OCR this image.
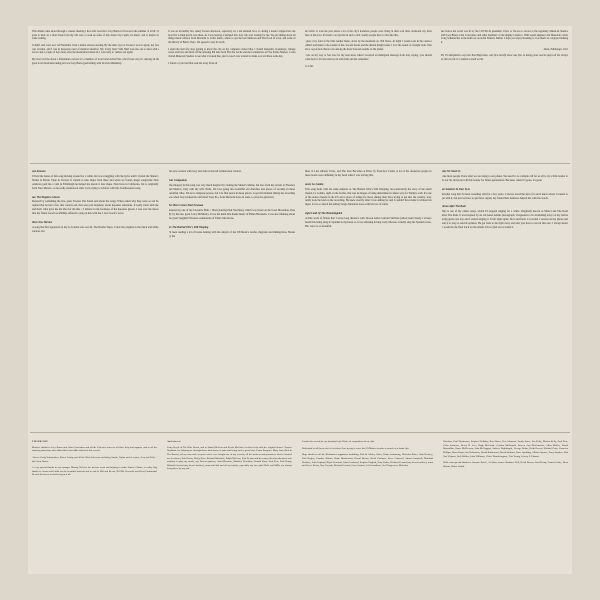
This album came about through a cleaner meeting I had with Cuervito's Joey Burns in Tucson in the summer of 2019. I'd gone to their on a short break from my UK tour, to soak up some of this desert city's spirit, its music, and to maybe do some writing.

It didn't start well. As I left Nashville I had a dental abscess starting. By the time I got to Tucson I was in agony, my face was swollen, and I was in desperate need of medical attention. My lovely hosts Vida Mud took me out to meet with a doctor and a couple of days later, after the medication kicked in, I was ready to venture out again.

My host told me about a Palestinian concert for a member of local band ArIstoVida, who'd been very ill. Among all the great local musicians taking part was Joey Burns (performing with Octavia Mudskiss).

It was an incredibly hot, sunny Tucson afternoon, especially for a fair skinned Scot, so during a break I slipped into the hotel for a drink just in case there. As I was leaving, I bumped into Joey who was looking for me. We got talking about all things music related, from Mariachi to Celtic music, where to get the best Mexican and Thai food in town, and some of the history of Barrio Viejo. We agreed to stay in touch.

I spent the next few days getting to know the city on my computer cruiser bike. I visited museums, bookshops, vintage stores and bars and fired off the amazing 8th tune from Five De Leche and the bookshelves at Five Points Market. I even visited MuseLab Studios to see what it looked like, just in case I ever wanted to make a record there some day.

I found a cycle trail that took me away from all

the traffic. It took me past where a lot of the city's homeless people were living in their own little cardboard city back there at the river. It's hard to accept that in such a rich country people have to live like this.

I grew very fond of my little leather home, down by the mountain on 13th Street. At night I would soak in the outdoor bathtub and listen to the sounds of the cars and trucks and the distant freight trains. I love the sound of a freight train. That and a coyote howl have to be among the most Sonoran sounds on the planet.

I was on my way to San Jose for my next show when I received an immigrant message from Joey saying, 'you should come back to Tucson and record with John and me sometime'.

So I did.

late before the world was lit by the COVID-19 pandemic I flew to Tucson to record at the legendary MuseLab Studios with Joey Burns, John Convertino and other members of the mighty Calexico. With sound engineer and MuseLab owner Craig Schumacher at the helm we recorded Sinner's Shrine. I hope you enjoy listening to it as much as I enjoyed making it.

Dean, Edinburgh, 2021

PS. I'm delighted to say that Tom Hagerman, who flew benefit show was fine. Is doing great, and he plays all the strings on this record. It is indeed a small world.

one Arizona
I'd had the bones of this song kicking around for a while, but was struggling with the lyrics until I visited the Sinner's Shrine in Barrio Viejo in Tucson. It started to take shape from there and when we found, singer songwriter Nels Andrews paid me a visit in Edinburgh he helped me knock it into shape. Nels lives in California, but is originally from New Mexico, so he really understood what I was trying to achieve with this Southwestern song.
two The Hopeless Ghosts
Inspired by something the late, great Townes Van Zandt said about his songs. When asked why they were so sad he replied that he had a few that weren't sad, that were just hopeless; about hopeless situations. It really stuck with me and that's what gave me the idea for the line ~ I believe in the footsteps of the hopeless ghosts. I was over the moon that my friend Good Lee Phillips offered to sing on this with me. I love Good's voice.
three New Mexico
A song that first appeared on my lo-fi debut solo record, The Drama Tapes. I view the original as the black and white version, but
this new version with Joey and John is the full technicolour version.
four Companion
The imagery in this song was very much inspired by visiting the Sinner's Shrine, but also from my travels to Florence and Mexico, Italy with my wife Nicki. We love going into beautiful old churches and places of worship in these beautiful cities. I'm not a religious person, but I do find peace in these places. A special moment during the recording was when Joey invited his old friend Tony Pro, from Mariachi Luis de Luna, to play the guitarron.
five Here Comes Paul Newman
Inspired by one of my favourite films ~ Hud (starring Paul Newman), which was based on the book Horseman, Pass By by the late, great Larry McMurtry. I love the main title theme music of Elmer Bernstein. I was also thinking about the great Spaghetti Western soundtracks of Ennio Morricone.
six The Barbed Wire's Still Weeping
I'd been reading a lot of books dealing with the subject of the US/Mexico border, migrants and immigration. Books by the
likes of Luis Alberto Urrea, and The Line Becomes A River by Francisco Cantú. A lot of the desperate people in these books were definitely in my head when I was writing this.
seven La Lomita
This song deals with the same subjects as The Barbed Wire's Still Weeping, but particularly the story of the small chapel, La Lomita, right on the border, that was in danger of being demolished to make way for Trump's wall. It's one of the oldest chapels in the US and a place of refuge for those risking their lives trying to get into the country. Joey really took the lead on the recording. He knew exactly what I was aiming for and I couldn't have made it without his input. It was so much fun letting Sergio Mendoza loose with his box of tricks.
eight Land Of The Hummingbird
A little work of fiction that I wrote long distance with Tucson native Gabriel Sullivan (AKA Giant Sand). I always heard this being sung in Spanish in my head, so it was amazing having Gaby Moreno actually sing the Spanish verse. Her voice is so beautiful.
nine We Need Us
Like most people I hate what we are doing to our planet. We need Us is a simple call for us all to try a little harder to do our bit and protect all this beauty for future generations. Because, when it's gone, it's gone.
ten Summer In Your Eyes
Another song that I'd been wrestling with for a few years. I always loved the feel of it and I knew where I wanted to get with it, but just not how to get there. Again, my friend Nels Andrews helped me with the words.
eleven After The Rain
This is one of my oldest songs, which I'd stopped singing for a while. Originally known as Shine Like The Road After The Rain, it was inspired by an old Ansel Adams photograph. I happened to be strumming away on my before string guitar one day and I started singing it. It felt right again. Now and fresh. I recorded a version on my phone and sent it to Joey to ask his opinion. He got back to me right away and said 'you have to record this one'. I always knew it would be the final track on the album. I'm so glad we recorded it.
THANK YOU

Massive thanks to Joey Burns and John Convertino and all the Calexico team for all their help and support, and to all the amazing musicians who added their incredible talents to this record.

Also to Craig Schumacher, Karen Lustig and all the WaveLab team including Austin, Dylan and of course, Lou and Lilly ~ the Great Danes.

A very special thanks to my manager Maraig Neil for her tireless work and helping to make Sinner's Shrine a reality. Big thanks to Anson and Laiba for the beautiful artwork and to and to Phil and Kevin (Tell Me Records) and Bert (Continental Record Services) for believing in it all.

And also to

Garry Boyle at The Blue Room, and to Stuart McLean and Kevin McGuire for their help with the original demos. Tarssen Stephanie for helping me through those dark hours of pain and being such a great host, Laura Bergerto, Mary Sam (Red In The Barrio), all my fans and everyone who's ever bought one of my records, all the bookers and promoters who've booked me for shows, Bob Harris, Ricky Ross, Richard Murdoch, Ralph McLean, Paul Sexton and the many other broadcasters who continue to play my music, my Patreon patrons, Alan Morrison, Matthew Dewhirst, Donald Shaw, Paul Kerr, Paul Kemp, Richard Gerrard (my desert brother), mum and dad and all my family, especially my two girls Nicki and Millie for always being there by my side.

I made this record for my beautiful wife Nicki, mi compañera de mi vida.

Dedicated to all those who've lost their lives trying to cross the US/Mexico border in search of a better life.

Huge thanks to all the Kickstarter supporters including: Paul & Ashley Aiken, Brian Armstrong, Nicholas Baker, John Beazley, Paul Begley, Candice Bolton, Brian Brinkerhoff, David Brown, Keith Cachoux, Steve Cantwell, Stuart Campbell, Marshall Chaifetz, John Copland, Blyth Cranford, John Crofthead, Stephen English, Tony Fisher, Richard Gerrard (my desert brother), mum and Sweet Evans, Roy Forsyth, Richard Gerrard, Gary Grassas, Jeff Grandison, Sue Hargreaves, Malcolm

Hawkins, Paul Henderson, Stephen Holliday, Ron Horne, Pete Johnston, Sandy Jones, Jim Kelly, Marian Kelly, Paul Kerr, Colin Larimore, Derek H. Lees, Hugh McConde, Gordon McDonald, Doreen Ann McConachie, Allan McKee, David Macmillan, Bruce McPherson, John McTaggart, Andrew Nightingale, George Nolan, Keith Owens, Michael Penn, Cameron Phillips, Brian Roper, Ian Robertson, David Rutherford, David Saltonia, Dave Spalding, Allister Spence, Lucy Stephen, Bob Van Vlijmen, Rolf Walker, John Williams, Claire Wanderingame, Tim Young, Jeffrey P. Zimmer.

With extra special thanks to Graeme Barrie, Ari Bass, Jamie Chalmers Bell, Keith Brown, Paul Kemp, Francis Laike, Dean Martin, Elaine Smith.
